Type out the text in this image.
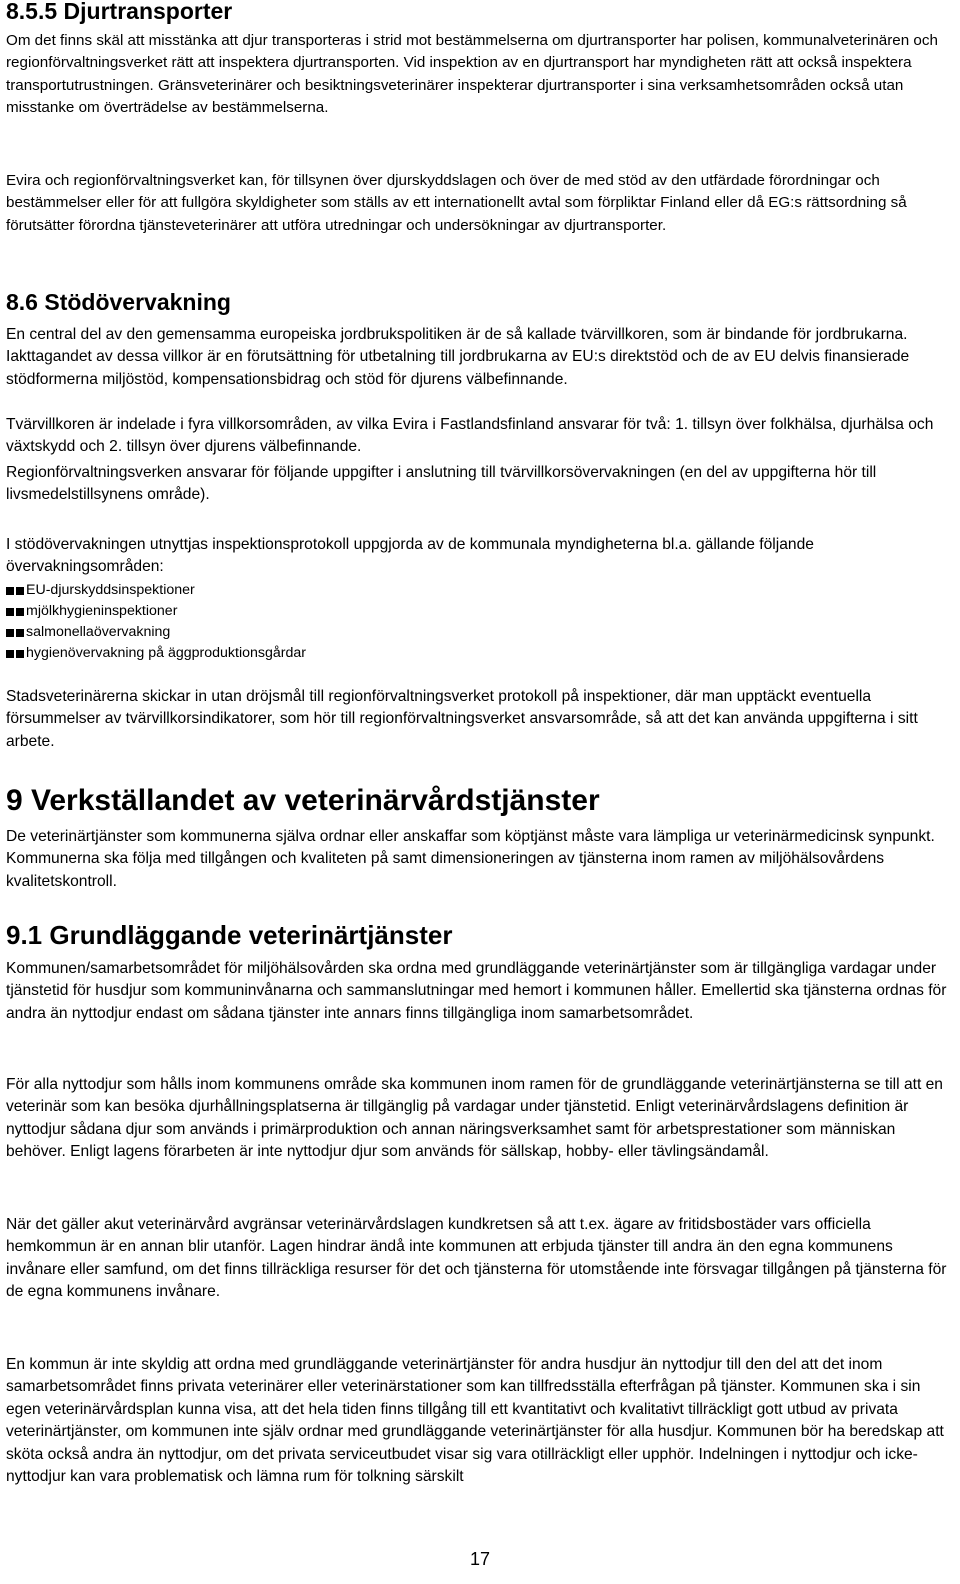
8.5.5 Djurtransporter

Om det finns skäl att misstänka att djur transporteras i strid mot bestämmelserna om djurtransporter har polisen, kommunalveterinären och regionförvaltningsverket rätt att inspektera djurtransporten. Vid inspektion av en djurtransport har myndigheten rätt att också inspektera transportutrustningen. Gränsveterinärer och besiktningsveterinärer inspekterar djurtransporter i sina verksamhetsområden också utan misstanke om överträdelse av bestämmelserna.

Evira och regionförvaltningsverket kan, för tillsynen över djurskyddslagen och över de med stöd av den utfärdade förordningar och bestämmelser eller för att fullgöra skyldigheter som ställs av ett internationellt avtal som förpliktar Finland eller då EG:s rättsordning så förutsätter förordna tjänsteveterinärer att utföra utredningar och undersökningar av djurtransporter.

8.6 Stödövervakning

En central del av den gemensamma europeiska jordbrukspolitiken är de så kallade tvärvillkoren, som är bindande för jordbrukarna. Iakttagandet av dessa villkor är en förutsättning för utbetalning till jordbrukarna av EU:s direktstöd och de av EU delvis finansierade stödformerna miljöstöd, kompensationsbidrag och stöd för djurens välbefinnande.

Tvärvillkoren är indelade i fyra villkorsområden, av vilka Evira i Fastlandsfinland ansvarar för två: 1. tillsyn över folkhälsa, djurhälsa och växtskydd och 2. tillsyn över djurens välbefinnande.

Regionförvaltningsverken ansvarar för följande uppgifter i anslutning till tvärvillkorsövervakningen (en del av uppgifterna hör till livsmedelstillsynens område).

I stödövervakningen utnyttjas inspektionsprotokoll uppgjorda av de kommunala myndigheterna bl.a. gällande följande övervakningsområden:

EU-djurskyddsinspektioner
mjölkhygieninspektioner
salmonellaövervakning
hygienövervakning på äggproduktionsgårdar

Stadsveterinärerna skickar in utan dröjsmål till regionförvaltningsverket protokoll på inspektioner, där man upptäckt eventuella försummelser av tvärvillkorsindikatorer, som hör till regionförvaltningsverket ansvarsområde, så att det kan använda uppgifterna i sitt arbete.

9 Verkställandet av veterinärvårdstjänster

De veterinärtjänster som kommunerna själva ordnar eller anskaffar som köptjänst måste vara lämpliga ur veterinärmedicinsk synpunkt. Kommunerna ska följa med tillgången och kvaliteten på samt dimensioneringen av tjänsterna inom ramen av miljöhälsovårdens kvalitetskontroll.

9.1 Grundläggande veterinärtjänster

Kommunen/samarbetsområdet för miljöhälsovården ska ordna med grundläggande veterinärtjänster som är tillgängliga vardagar under tjänstetid för husdjur som kommuninvånarna och sammanslutningar med hemort i kommunen håller. Emellertid ska tjänsterna ordnas för andra än nyttodjur endast om sådana tjänster inte annars finns tillgängliga inom samarbetsområdet.

För alla nyttodjur som hålls inom kommunens område ska kommunen inom ramen för de grundläggande veterinärtjänsterna se till att en veterinär som kan besöka djurhållningsplatserna är tillgänglig på vardagar under tjänstetid. Enligt veterinärvårdslagens definition är nyttodjur sådana djur som används i primärproduktion och annan näringsverksamhet samt för arbetsprestationer som människan behöver. Enligt lagens förarbeten är inte nyttodjur djur som används för sällskap, hobby- eller tävlingsändamål.

När det gäller akut veterinärvård avgränsar veterinärvårdslagen kundkretsen så att t.ex. ägare av fritidsbostäder vars officiella hemkommun är en annan blir utanför. Lagen hindrar ändå inte kommunen att erbjuda tjänster till andra än den egna kommunens invånare eller samfund, om det finns tillräckliga resurser för det och tjänsterna för utomstående inte försvagar tillgången på tjänsterna för de egna kommunens invånare.

En kommun är inte skyldig att ordna med grundläggande veterinärtjänster för andra husdjur än nyttodjur till den del att det inom samarbetsområdet finns privata veterinärer eller veterinärstationer som kan tillfredsställa efterfrågan på tjänster. Kommunen ska i sin egen veterinärvårdsplan kunna visa, att det hela tiden finns tillgång till ett kvantitativt och kvalitativt tillräckligt gott utbud av privata veterinärtjänster, om kommunen inte själv ordnar med grundläggande veterinärtjänster för alla husdjur. Kommunen bör ha beredskap att sköta också andra än nyttodjur, om det privata serviceutbudet visar sig vara otillräckligt eller upphör. Indelningen i nyttodjur och icke-nyttodjur kan vara problematisk och lämna rum för tolkning särskilt

17
